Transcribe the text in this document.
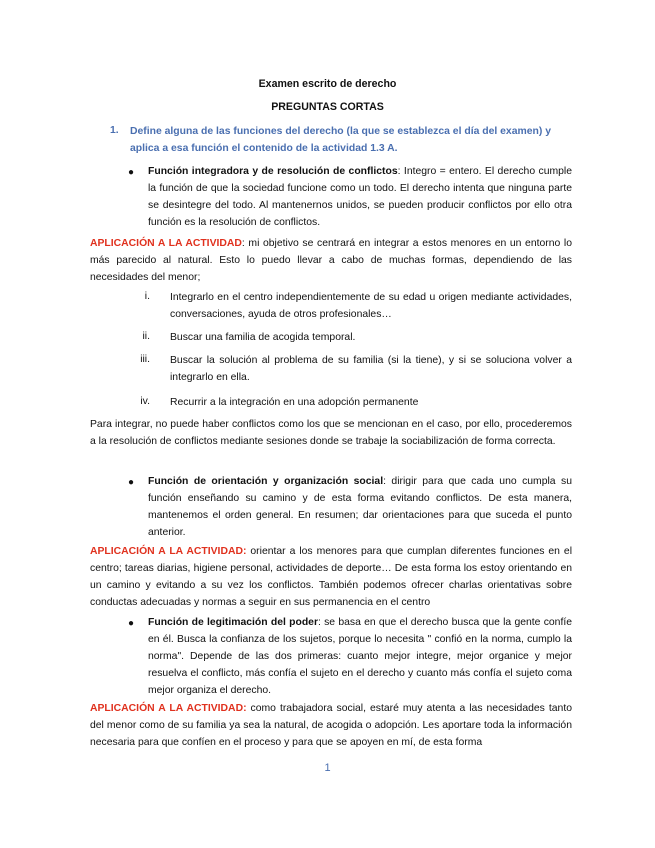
Examen escrito de derecho
PREGUNTAS CORTAS
1. Define alguna de las funciones del derecho (la que se establezca el día del examen) y aplica a esa función el contenido de la actividad 1.3 A.
● Función integradora y de resolución de conflictos: Integro = entero. El derecho cumple la función de que la sociedad funcione como un todo. El derecho intenta que ninguna parte se desintegre del todo. Al mantenernos unidos, se pueden producir conflictos por ello otra función es la resolución de conflictos.
APLICACIÓN A LA ACTIVIDAD: mi objetivo se centrará en integrar a estos menores en un entorno lo más parecido al natural. Esto lo puedo llevar a cabo de muchas formas, dependiendo de las necesidades del menor;
i. Integrarlo en el centro independientemente de su edad u origen mediante actividades, conversaciones, ayuda de otros profesionales…
ii. Buscar una familia de acogida temporal.
iii. Buscar la solución al problema de su familia (si la tiene), y si se soluciona volver a integrarlo en ella.
iv. Recurrir a la integración en una adopción permanente
Para integrar, no puede haber conflictos como los que se mencionan en el caso, por ello, procederemos a la resolución de conflictos mediante sesiones donde se trabaje la sociabilización de forma correcta.
● Función de orientación y organización social: dirigir para que cada uno cumpla su función enseñando su camino y de esta forma evitando conflictos. De esta manera, mantenemos el orden general. En resumen; dar orientaciones para que suceda el punto anterior.
APLICACIÓN A LA ACTIVIDAD: orientar a los menores para que cumplan diferentes funciones en el centro; tareas diarias, higiene personal, actividades de deporte… De esta forma los estoy orientando en un camino y evitando a su vez los conflictos. También podemos ofrecer charlas orientativas sobre conductas adecuadas y normas a seguir en sus permanencia en el centro
● Función de legitimación del poder: se basa en que el derecho busca que la gente confíe en él. Busca la confianza de los sujetos, porque lo necesita " confió en la norma, cumplo la norma". Depende de las dos primeras: cuanto mejor integre, mejor organice y mejor resuelva el conflicto, más confía el sujeto en el derecho y cuanto más confía el sujeto coma mejor organiza el derecho.
APLICACIÓN A LA ACTIVIDAD: como trabajadora social, estaré muy atenta a las necesidades tanto del menor como de su familia ya sea la natural, de acogida o adopción. Les aportare toda la información necesaria para que confíen en el proceso y para que se apoyen en mí, de esta forma
1
